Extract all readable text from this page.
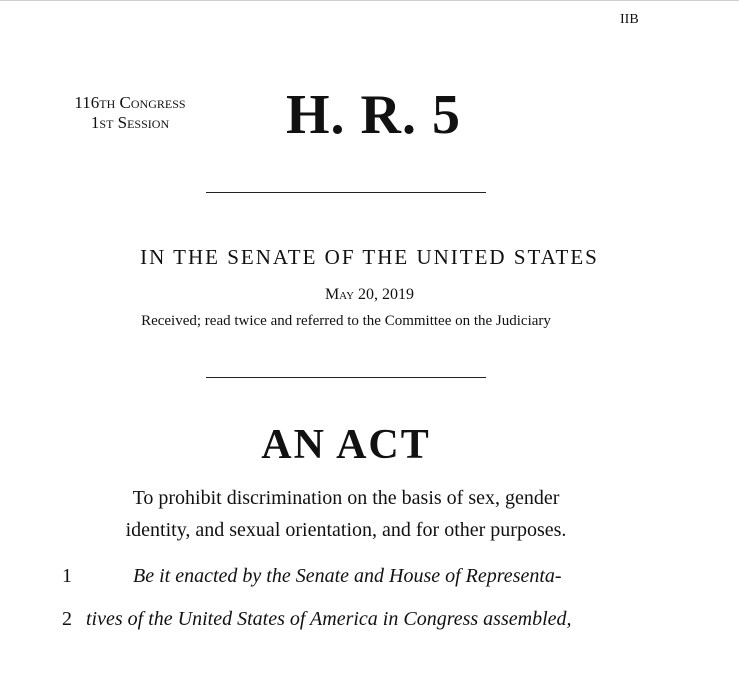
IIB
116th Congress
1st Session	H. R. 5
IN THE SENATE OF THE UNITED STATES
May 20, 2019
Received; read twice and referred to the Committee on the Judiciary
AN ACT
To prohibit discrimination on the basis of sex, gender
identity, and sexual orientation, and for other purposes.
1	Be it enacted by the Senate and House of Representa-
2 tives of the United States of America in Congress assembled,
